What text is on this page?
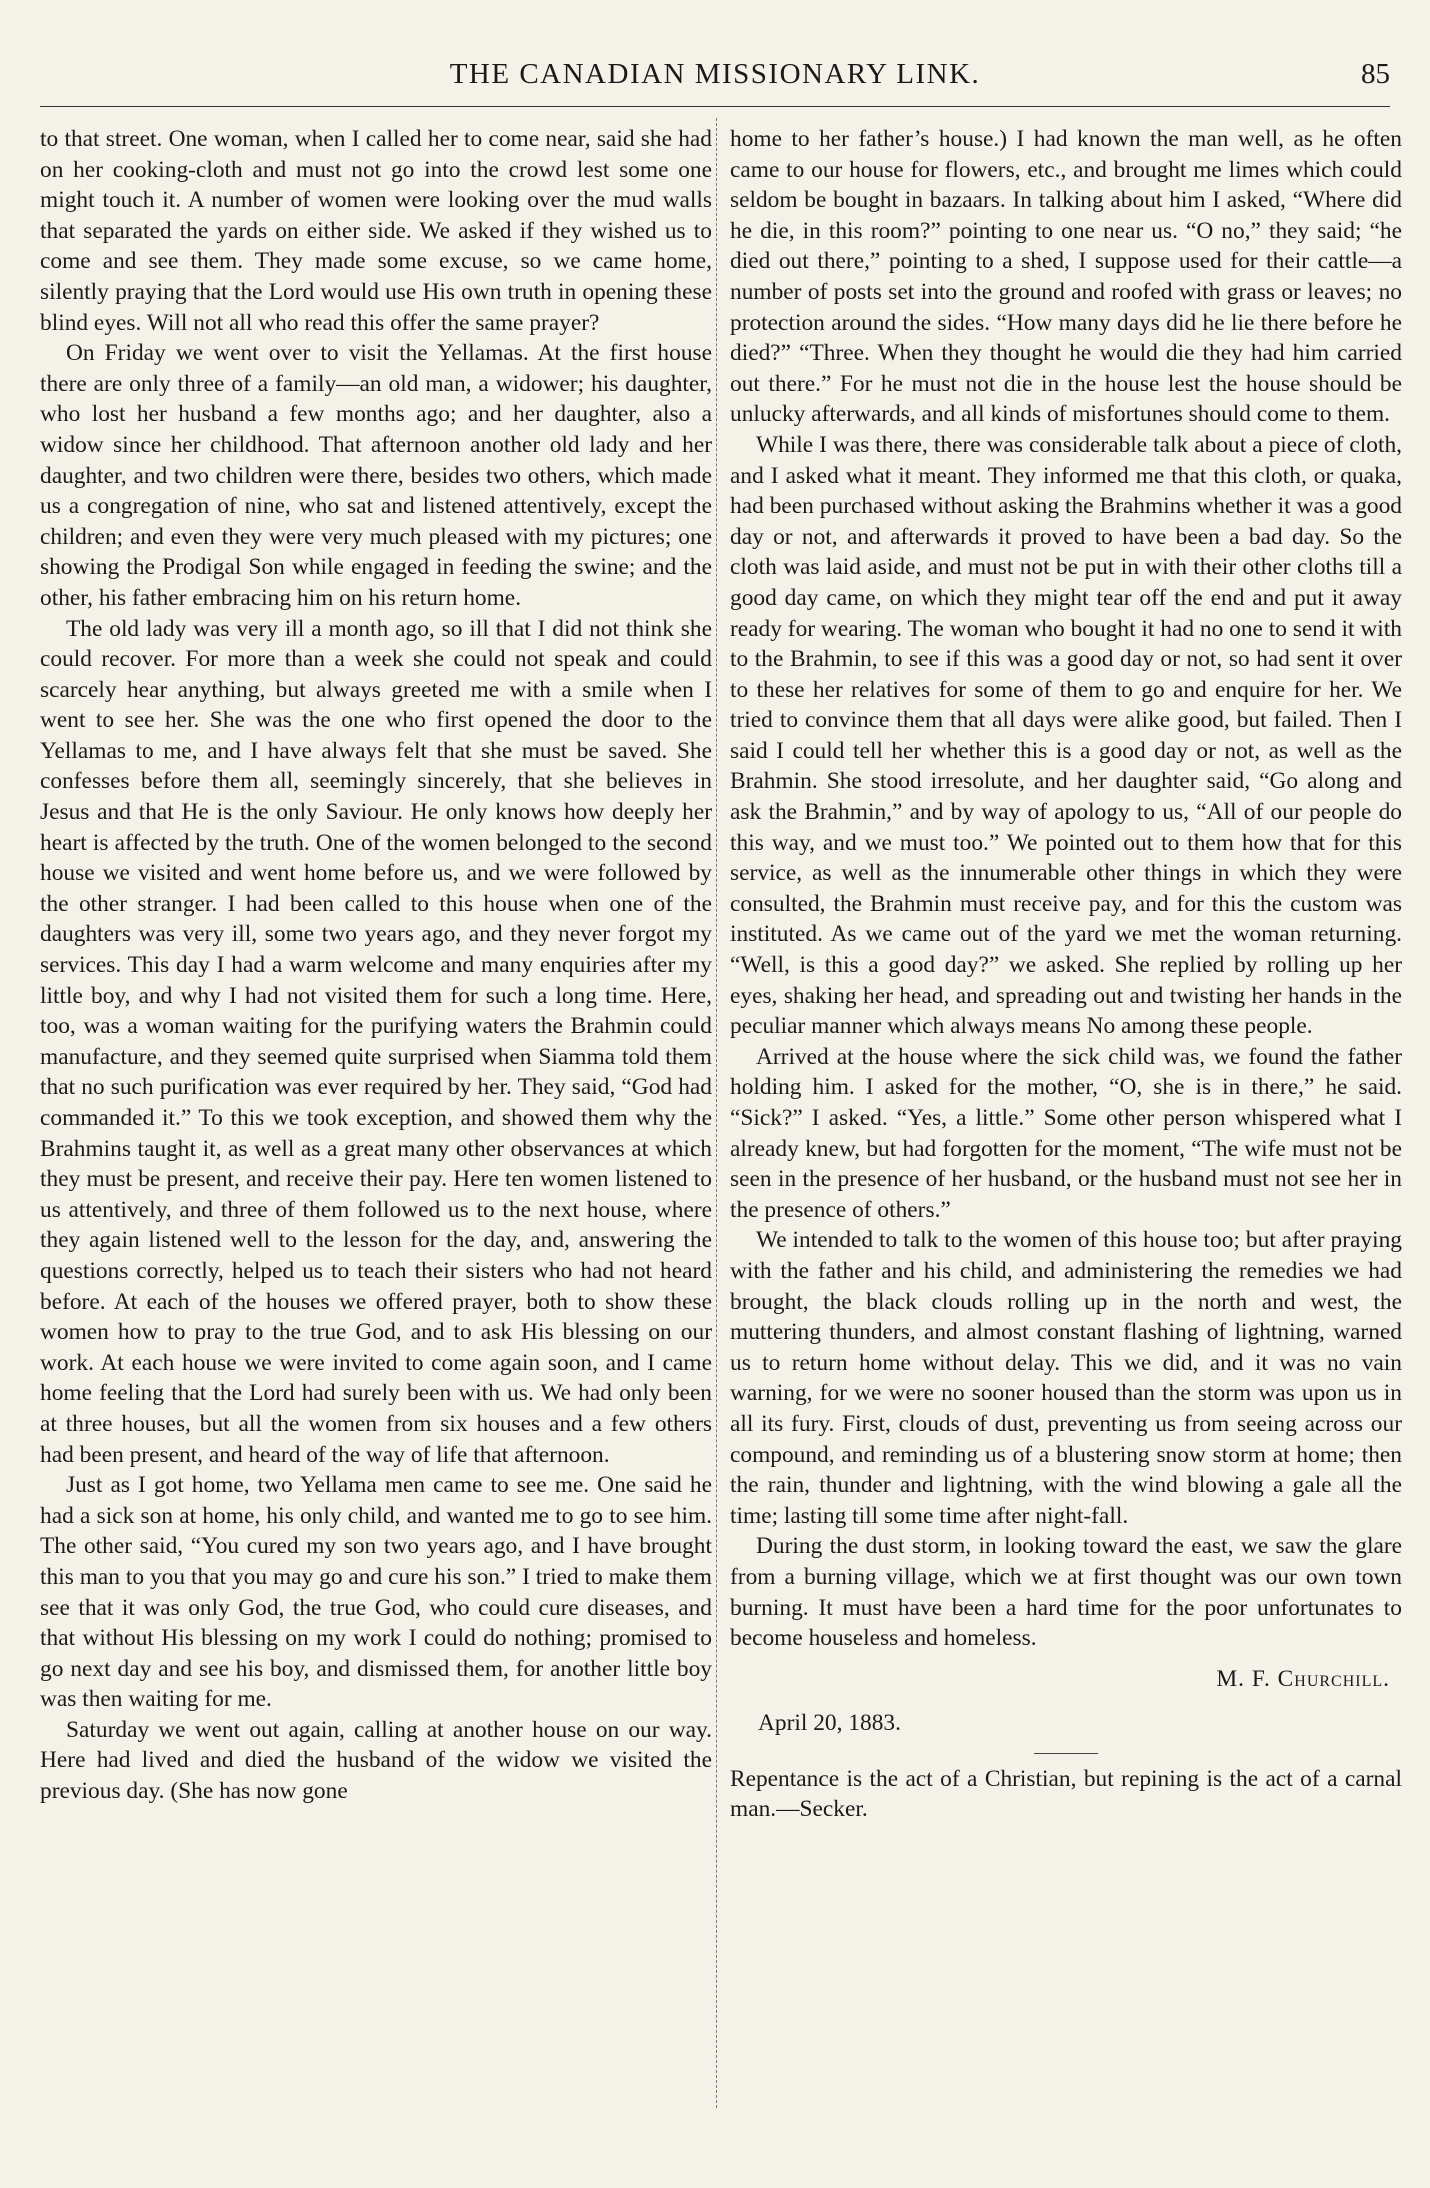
THE CANADIAN MISSIONARY LINK.	85

to that street. One woman, when I called her to come near, said she had on her cooking-cloth and must not go into the crowd lest some one might touch it. A number of women were looking over the mud walls that separated the yards on either side. We asked if they wished us to come and see them. They made some excuse, so we came home, silently praying that the Lord would use His own truth in opening these blind eyes. Will not all who read this offer the same prayer?

On Friday we went over to visit the Yellamas. At the first house there are only three of a family—an old man, a widower; his daughter, who lost her husband a few months ago; and her daughter, also a widow since her childhood. That afternoon another old lady and her daughter, and two children were there, besides two others, which made us a congregation of nine, who sat and listened attentively, except the children; and even they were very much pleased with my pictures; one showing the Prodigal Son while engaged in feeding the swine; and the other, his father embracing him on his return home.

The old lady was very ill a month ago, so ill that I did not think she could recover. For more than a week she could not speak and could scarcely hear anything, but always greeted me with a smile when I went to see her. She was the one who first opened the door to the Yellamas to me, and I have always felt that she must be saved. She confesses before them all, seemingly sincerely, that she believes in Jesus and that He is the only Saviour. He only knows how deeply her heart is affected by the truth. One of the women belonged to the second house we visited and went home before us, and we were followed by the other stranger. I had been called to this house when one of the daughters was very ill, some two years ago, and they never forgot my services. This day I had a warm welcome and many enquiries after my little boy, and why I had not visited them for such a long time. Here, too, was a woman waiting for the purifying waters the Brahmin could manufacture, and they seemed quite surprised when Siamma told them that no such purification was ever required by her. They said, “God had commanded it.” To this we took exception, and showed them why the Brahmins taught it, as well as a great many other observances at which they must be present, and receive their pay. Here ten women listened to us attentively, and three of them followed us to the next house, where they again listened well to the lesson for the day, and, answering the questions correctly, helped us to teach their sisters who had not heard before. At each of the houses we offered prayer, both to show these women how to pray to the true God, and to ask His blessing on our work. At each house we were invited to come again soon, and I came home feeling that the Lord had surely been with us. We had only been at three houses, but all the women from six houses and a few others had been present, and heard of the way of life that afternoon.

Just as I got home, two Yellama men came to see me. One said he had a sick son at home, his only child, and wanted me to go to see him. The other said, “You cured my son two years ago, and I have brought this man to you that you may go and cure his son.” I tried to make them see that it was only God, the true God, who could cure diseases, and that without His blessing on my work I could do nothing; promised to go next day and see his boy, and dismissed them, for another little boy was then waiting for me.

Saturday we went out again, calling at another house on our way. Here had lived and died the husband of the widow we visited the previous day. (She has now gone

home to her father’s house.) I had known the man well, as he often came to our house for flowers, etc., and brought me limes which could seldom be bought in bazaars. In talking about him I asked, “Where did he die, in this room?” pointing to one near us. “O no,” they said; “he died out there,” pointing to a shed, I suppose used for their cattle—a number of posts set into the ground and roofed with grass or leaves; no protection around the sides. “How many days did he lie there before he died?” “Three. When they thought he would die they had him carried out there.” For he must not die in the house lest the house should be unlucky afterwards, and all kinds of misfortunes should come to them.

While I was there, there was considerable talk about a piece of cloth, and I asked what it meant. They informed me that this cloth, or quaka, had been purchased without asking the Brahmins whether it was a good day or not, and afterwards it proved to have been a bad day. So the cloth was laid aside, and must not be put in with their other cloths till a good day came, on which they might tear off the end and put it away ready for wearing. The woman who bought it had no one to send it with to the Brahmin, to see if this was a good day or not, so had sent it over to these her relatives for some of them to go and enquire for her. We tried to convince them that all days were alike good, but failed. Then I said I could tell her whether this is a good day or not, as well as the Brahmin. She stood irresolute, and her daughter said, “Go along and ask the Brahmin,” and by way of apology to us, “All of our people do this way, and we must too.” We pointed out to them how that for this service, as well as the innumerable other things in which they were consulted, the Brahmin must receive pay, and for this the custom was instituted. As we came out of the yard we met the woman returning. “Well, is this a good day?” we asked. She replied by rolling up her eyes, shaking her head, and spreading out and twisting her hands in the peculiar manner which always means No among these people.

Arrived at the house where the sick child was, we found the father holding him. I asked for the mother, “O, she is in there,” he said. “Sick?” I asked. “Yes, a little.” Some other person whispered what I already knew, but had forgotten for the moment, “The wife must not be seen in the presence of her husband, or the husband must not see her in the presence of others.”

We intended to talk to the women of this house too; but after praying with the father and his child, and administering the remedies we had brought, the black clouds rolling up in the north and west, the muttering thunders, and almost constant flashing of lightning, warned us to return home without delay. This we did, and it was no vain warning, for we were no sooner housed than the storm was upon us in all its fury. First, clouds of dust, preventing us from seeing across our compound, and reminding us of a blustering snow storm at home; then the rain, thunder and lightning, with the wind blowing a gale all the time; lasting till some time after night-fall.

During the dust storm, in looking toward the east, we saw the glare from a burning village, which we at first thought was our own town burning. It must have been a hard time for the poor unfortunates to become houseless and homeless.

M. F. Churchill.
April 20, 1883.

Repentance is the act of a Christian, but repining is the act of a carnal man.—Secker.
